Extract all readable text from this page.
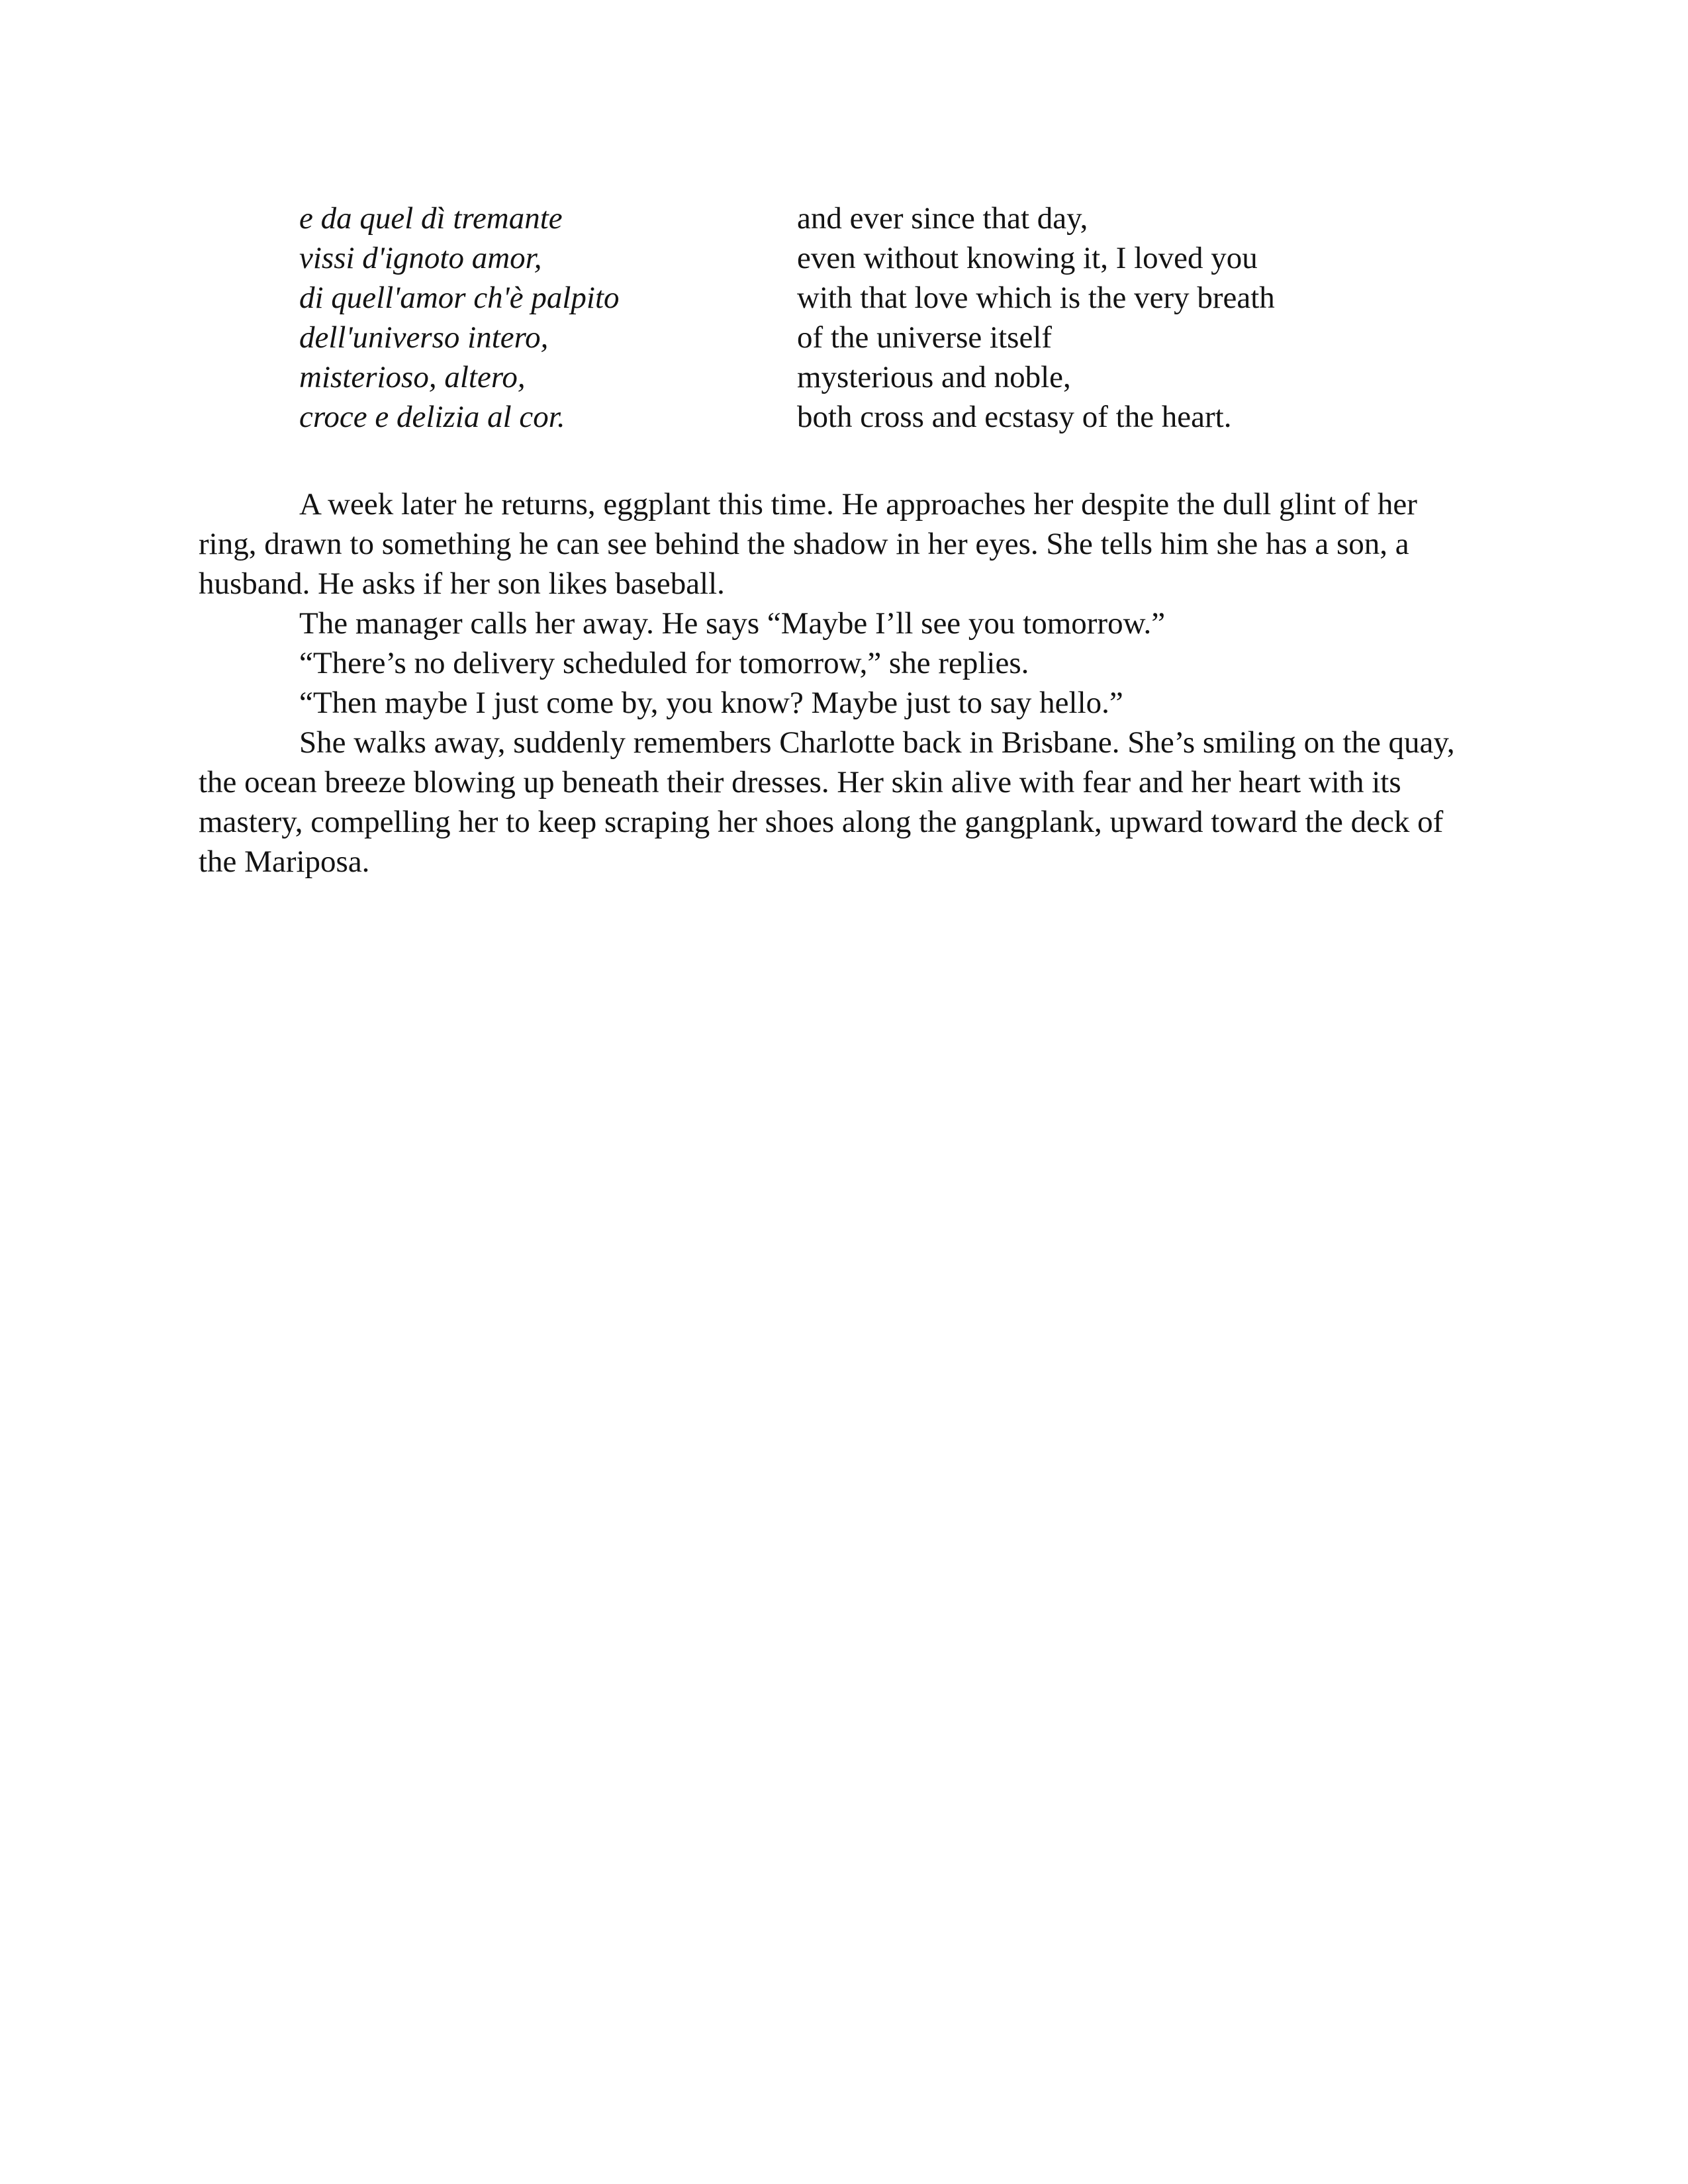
e da quel dì tremante
vissi d'ignoto amor,
di quell'amor ch'è palpito
dell'universo intero,
misterioso, altero,
croce e delizia al cor.
and ever since that day,
even without knowing it, I loved you
with that love which is the very breath
of the universe itself
mysterious and noble,
both cross and ecstasy of the heart.

A week later he returns, eggplant this time. He approaches her despite the dull glint of her ring, drawn to something he can see behind the shadow in her eyes. She tells him she has a son, a husband. He asks if her son likes baseball.

The manager calls her away. He says “Maybe I’ll see you tomorrow.”

“There’s no delivery scheduled for tomorrow,” she replies.

“Then maybe I just come by, you know? Maybe just to say hello.”

She walks away, suddenly remembers Charlotte back in Brisbane. She’s smiling on the quay, the ocean breeze blowing up beneath their dresses. Her skin alive with fear and her heart with its mastery, compelling her to keep scraping her shoes along the gangplank, upward toward the deck of the Mariposa.
